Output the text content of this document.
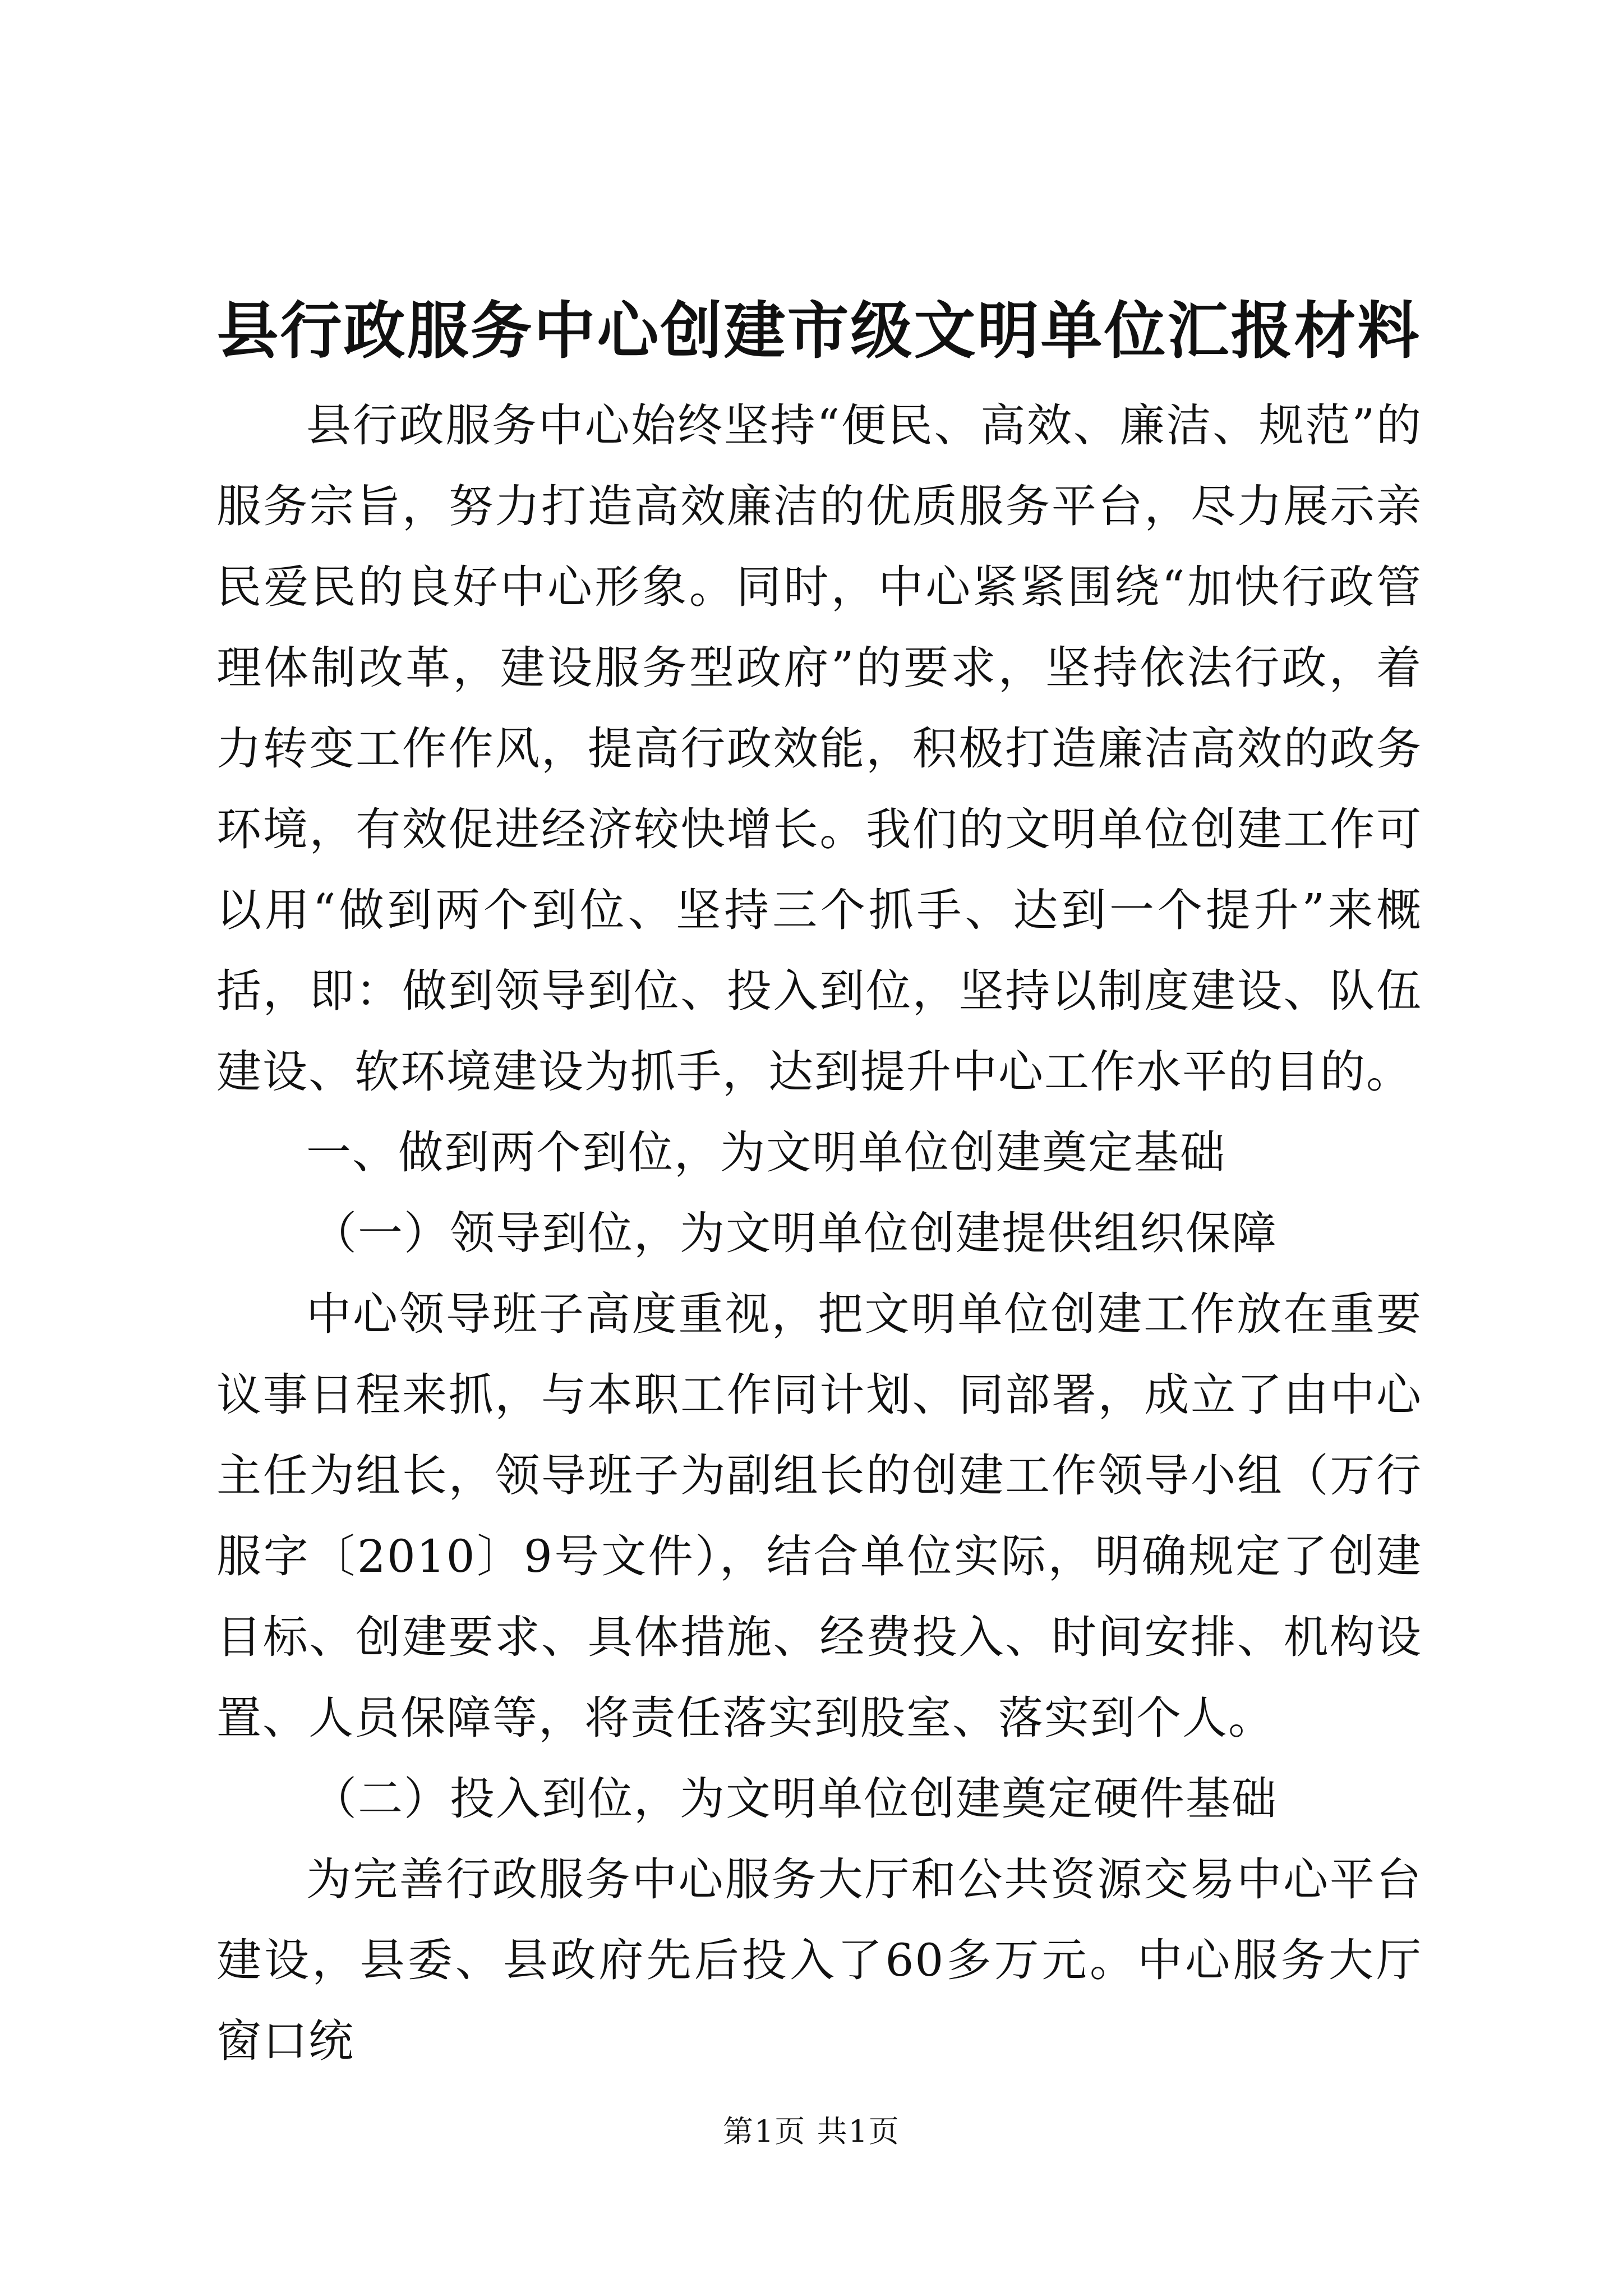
县行政服务中心创建市级文明单位汇报材料

县行政服务中心始终坚持“便民、高效、廉洁、规范”的服务宗旨，努力打造高效廉洁的优质服务平台，尽力展示亲民爱民的良好中心形象。同时，中心紧紧围绕“加快行政管理体制改革，建设服务型政府”的要求，坚持依法行政，着力转变工作作风，提高行政效能，积极打造廉洁高效的政务环境，有效促进经济较快增长。我们的文明单位创建工作可以用“做到两个到位、坚持三个抓手、达到一个提升”来概括，即：做到领导到位、投入到位，坚持以制度建设、队伍建设、软环境建设为抓手，达到提升中心工作水平的目的。

一、做到两个到位，为文明单位创建奠定基础

（一）领导到位，为文明单位创建提供组织保障

中心领导班子高度重视，把文明单位创建工作放在重要议事日程来抓，与本职工作同计划、同部署，成立了由中心主任为组长，领导班子为副组长的创建工作领导小组（万行服字〔2010〕9号文件），结合单位实际，明确规定了创建目标、创建要求、具体措施、经费投入、时间安排、机构设置、人员保障等，将责任落实到股室、落实到个人。

（二）投入到位，为文明单位创建奠定硬件基础

为完善行政服务中心服务大厅和公共资源交易中心平台建设，县委、县政府先后投入了60多万元。中心服务大厅窗口统

第1页 共1页
